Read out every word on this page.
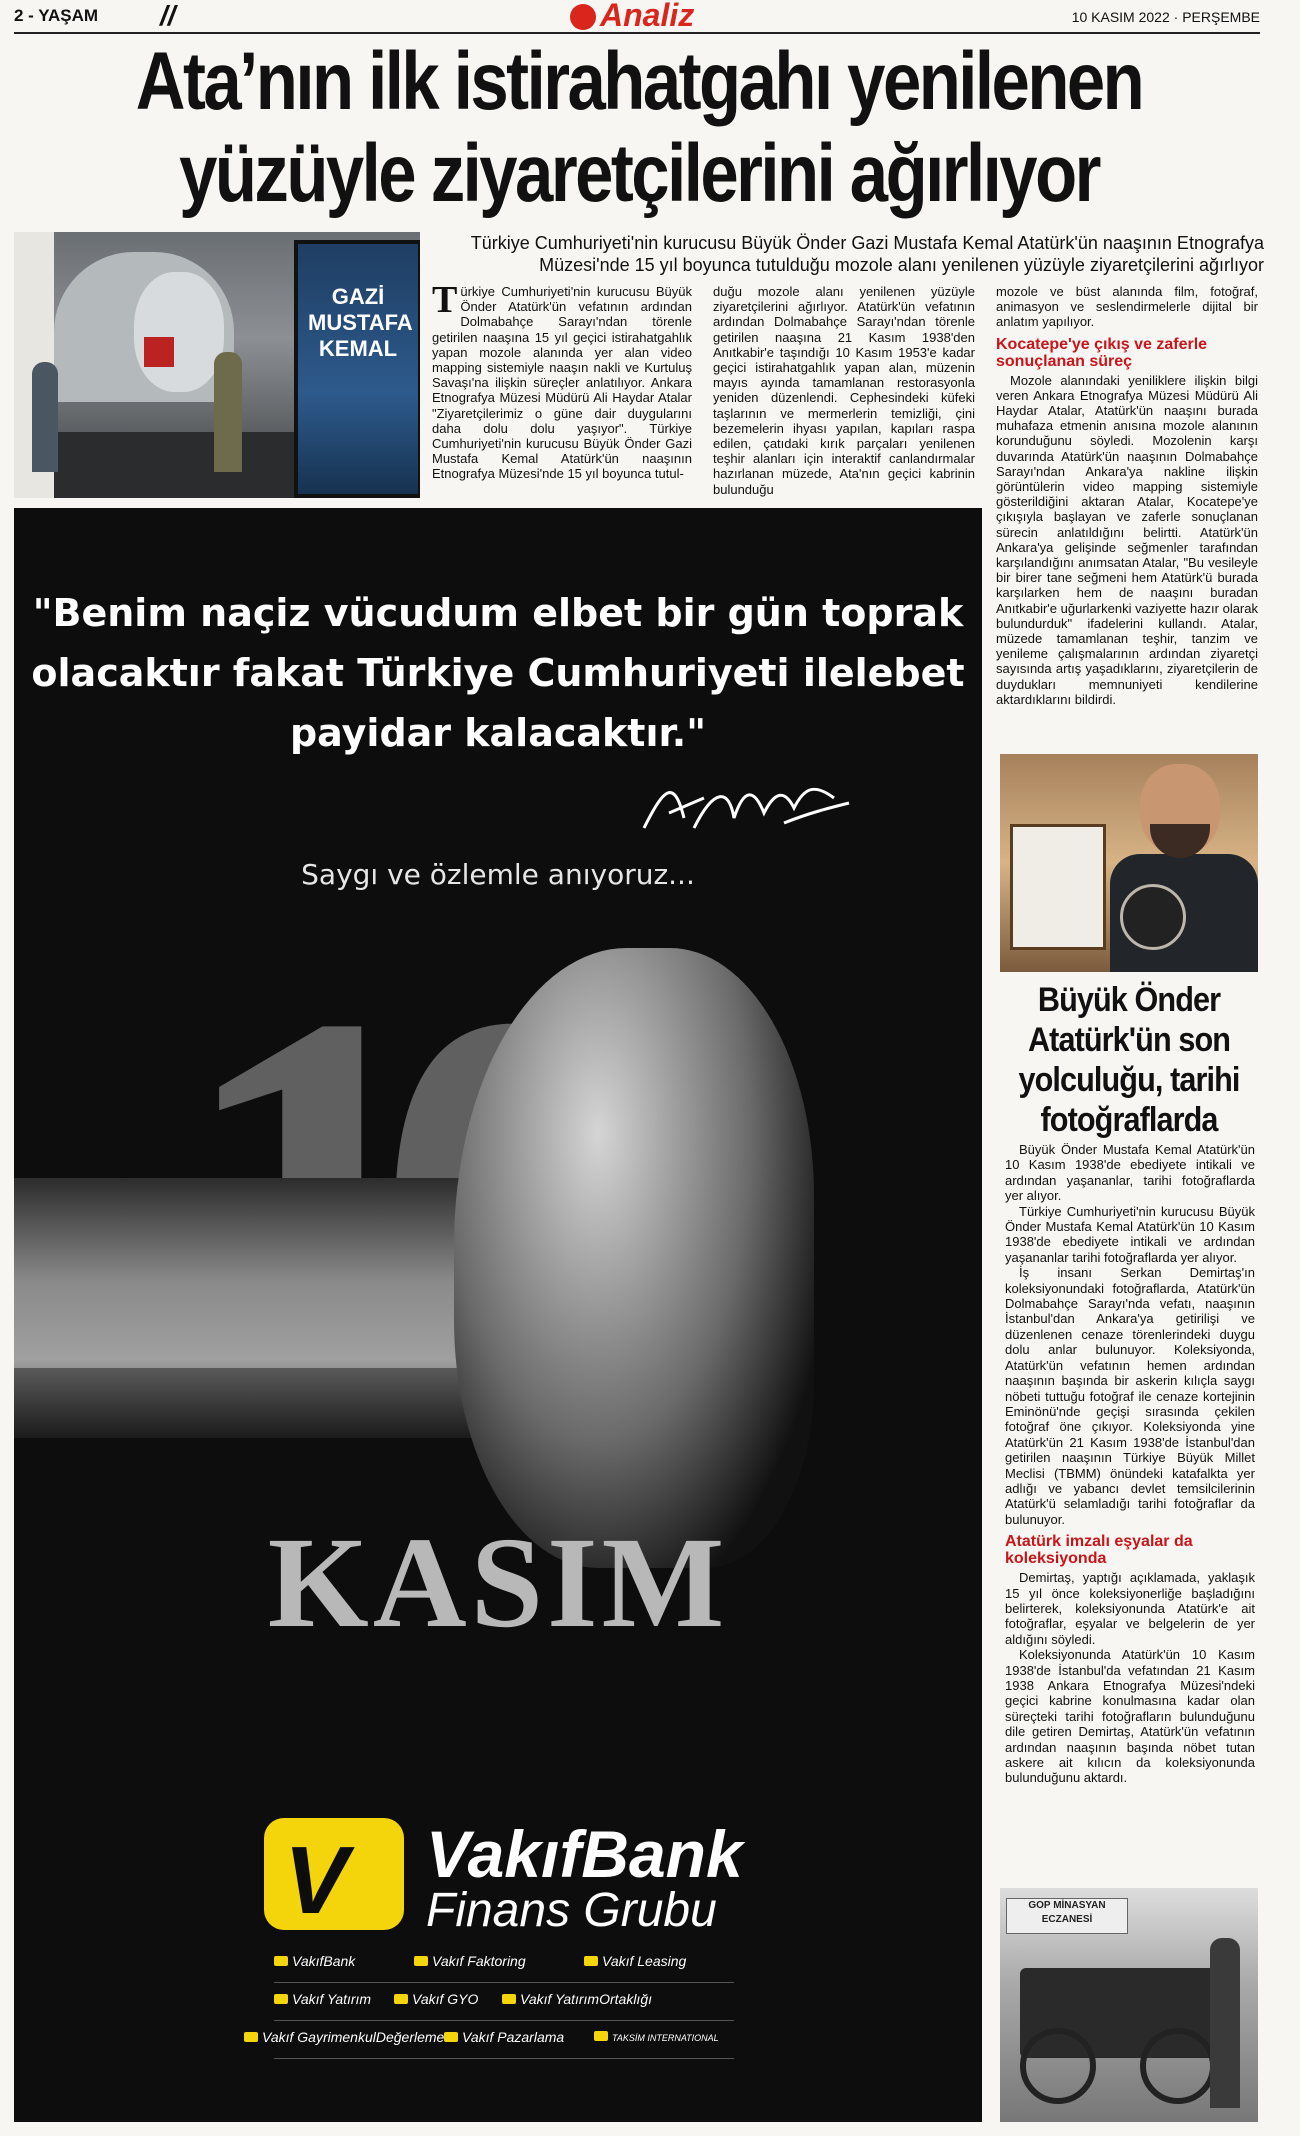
2 - YAŞAM //	Analiz	10 KASIM 2022 · PERŞEMBE
Ata’nın ilk istirahatgahı yenilenen
yüzüyle ziyaretçilerini ağırlıyor
Türkiye Cumhuriyeti'nin kurucusu Büyük Önder Gazi Mustafa Kemal Atatürk'ün naaşının Etnografya Müzesi'nde 15 yıl boyunca tutulduğu mozole alanı yenilenen yüzüyle ziyaretçilerini ağırlıyor
GAZİ MUSTAFA KEMAL
Türkiye Cumhuriyeti'nin kurucusu Büyük Önder Atatürk'ün vefatının ardından Dolmabahçe Sarayı'ndan törenle getirilen naaşına 15 yıl geçici istirahatgahlık yapan mozole alanında yer alan video mapping sistemiyle naaşın nakli ve Kurtuluş Savaşı'na ilişkin süreçler anlatılıyor. Ankara Etnografya Müzesi Müdürü Ali Haydar Atalar "Ziyaretçilerimiz o güne dair duygularını daha dolu dolu yaşıyor". Türkiye Cumhuriyeti'nin kurucusu Büyük Önder Gazi Mustafa Kemal Atatürk'ün naaşının Etnografya Müzesi'nde 15 yıl boyunca tutul-
duğu mozole alanı yenilenen yüzüyle ziyaretçilerini ağırlıyor. Atatürk'ün vefatının ardından Dolmabahçe Sarayı'ndan törenle getirilen naaşına 21 Kasım 1938'den Anıtkabir'e taşındığı 10 Kasım 1953'e kadar geçici istirahatgahlık yapan alan, müzenin mayıs ayında tamamlanan restorasyonla yeniden düzenlendi. Cephesindeki küfeki taşlarının ve mermerlerin temizliği, çini bezemelerin ihyası yapılan, kapıları raspa edilen, çatıdaki kırık parçaları yenilenen teşhir alanları için interaktif canlandırmalar hazırlanan müzede, Ata'nın geçici kabrinin bulunduğu
mozole ve büst alanında film, fotoğraf, animasyon ve seslendirmelerle dijital bir anlatım yapılıyor.
Kocatepe'ye çıkış ve zaferle sonuçlanan süreç
Mozole alanındaki yeniliklere ilişkin bilgi veren Ankara Etnografya Müzesi Müdürü Ali Haydar Atalar, Atatürk'ün naaşını burada muhafaza etmenin anısına mozole alanının korunduğunu söyledi. Mozolenin karşı duvarında Atatürk'ün naaşının Dolmabahçe Sarayı'ndan Ankara'ya nakline ilişkin görüntülerin video mapping sistemiyle gösterildiğini aktaran Atalar, Kocatepe'ye çıkışıyla başlayan ve zaferle sonuçlanan sürecin anlatıldığını belirtti. Atatürk'ün Ankara'ya gelişinde seğmenler tarafından karşılandığını anımsatan Atalar, "Bu vesileyle bir birer tane seğmeni hem Atatürk'ü burada karşılarken hem de naaşını buradan Anıtkabir'e uğurlarkenki vaziyette hazır olarak bulundurduk" ifadelerini kullandı. Atalar, müzede tamamlanan teşhir, tanzim ve yenileme çalışmalarının ardından ziyaretçi sayısında artış yaşadıklarını, ziyaretçilerin de duydukları memnuniyeti kendilerine aktardıklarını bildirdi.
"Benim naçiz vücudum elbet bir gün toprak olacaktır fakat Türkiye Cumhuriyeti ilelebet payidar kalacaktır."
Saygı ve özlemle anıyoruz...
KASIM
V VakıfBank
Finans Grubu
VakıfBank	Vakıf Faktoring	Vakıf Leasing
Vakıf Yatırım	Vakıf GYO	Vakıf YatırımOrtaklığı
Vakıf GayrimenkulDeğerleme	Vakıf Pazarlama	TAKSİM INTERNATIONAL
Büyük Önder Atatürk'ün son yolculuğu, tarihi fotoğraflarda

Büyük Önder Mustafa Kemal Atatürk'ün 10 Kasım 1938'de ebediyete intikali ve ardından yaşananlar, tarihi fotoğraflarda yer alıyor.

Türkiye Cumhuriyeti'nin kurucusu Büyük Önder Mustafa Kemal Atatürk'ün 10 Kasım 1938'de ebediyete intikali ve ardından yaşananlar tarihi fotoğraflarda yer alıyor.

İş insanı Serkan Demirtaş'ın koleksiyonundaki fotoğraflarda, Atatürk'ün Dolmabahçe Sarayı'nda vefatı, naaşının İstanbul'dan Ankara'ya getirilişi ve düzenlenen cenaze törenlerindeki duygu dolu anlar bulunuyor. Koleksiyonda, Atatürk'ün vefatının hemen ardından naaşının başında bir askerin kılıçla saygı nöbeti tuttuğu fotoğraf ile cenaze kortejinin Eminönü'nde geçişi sırasında çekilen fotoğraf öne çıkıyor. Koleksiyonda yine Atatürk'ün 21 Kasım 1938'de İstanbul'dan getirilen naaşının Türkiye Büyük Millet Meclisi (TBMM) önündeki katafalkta yer adlığı ve yabancı devlet temsilcilerinin Atatürk'ü selamladığı tarihi fotoğraflar da bulunuyor.

Atatürk imzalı eşyalar da koleksiyonda

Demirtaş, yaptığı açıklamada, yaklaşık 15 yıl önce koleksiyonerliğe başladığını belirterek, koleksiyonunda Atatürk'e ait fotoğraflar, eşyalar ve belgelerin de yer aldığını söyledi.

Koleksiyonunda Atatürk'ün 10 Kasım 1938'de İstanbul'da vefatından 21 Kasım 1938 Ankara Etnografya Müzesi'ndeki geçici kabrine konulmasına kadar olan süreçteki tarihi fotoğrafların bulunduğunu dile getiren Demirtaş, Atatürk'ün vefatının ardından naaşının başında nöbet tutan askere ait kılıcın da koleksiyonunda bulunduğunu aktardı.

GOP MİNASYAN ECZANESİ
